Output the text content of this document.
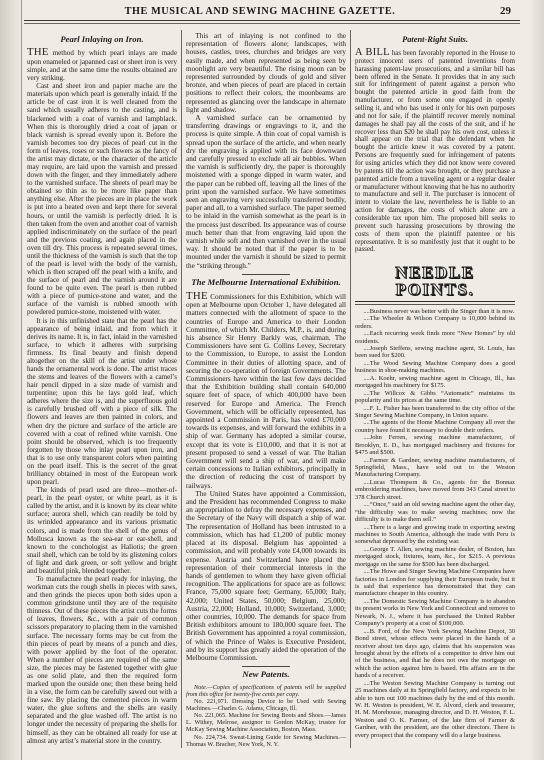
THE MUSICAL AND SEWING MACHINE GAZETTE.	29
Pearl Inlaying on Iron.

THE method by which pearl inlays are made upon enameled or japanned cast or sheet iron is very simple, and at the same time the results obtained are very striking.

Cast and sheet iron and papier mache are the materials upon which pearl is generally inlaid. If the article be of cast iron it is well cleaned from the sand which usually adheres to the casting, and is blackened with a coat of varnish and lampblack. When this is thoroughly dried a coat of japan or black varnish is spread evenly upon it. Before the varnish becomes too dry pieces of pearl cut in the form of leaves, roses or such flowers as the fancy of the artist may dictate, or the character of the article may require, are laid upon the varnish and pressed down with the finger, and they immediately adhere to the varnished surface. The sheets of pearl may be obtained so thin as to be more like paper than anything else. After the pieces are in place the work is put into a heated oven and kept there for several hours, or until the varnish is perfectly dried. It is then taken from the oven and another coat of varnish applied indiscriminately on the surface of the pearl and the previous coating, and again placed in the oven till dry. This process is repeated several times, until the thickness of the varnish is such that the top of the pearl is level with the body of the varnish, which is then scraped off the pearl with a knife, and the surface of pearl and the varnish around it are found to be quite even. The pearl is then rubbed with a piece of pumice-stone and water, and the surface of the varnish is rubbed smooth with powdered pumice-stone, moistened with water.

It is in this unfinished state that the pearl has the appearance of being inlaid, and from which it derives its name. It is, in fact, inlaid in the varnished surface, to which it adheres with surprising firmness. Its final beauty and finish depend altogether on the skill of the artist under whose hands the ornamental work is done. The artist traces the stems and leaves of the flowers with a camel’s hair pencil dipped in a size made of varnish and turpentine; upon this he lays gold leaf, which adheres where the size is, and the superfluous gold is carefully brushed off with a piece of silk. The flowers and leaves are then painted in colors, and when dry the picture and surface of the article are covered with a coat of refined white varnish. One point should be observed, which is too frequently forgotten by those who inlay pearl upon iron, and that is to use only transparent colors when painting on the pearl itself. This is the secret of the great brilliancy obtained in most of the European work upon pearl.

The kinds of pearl used are three—mother-of-pearl, in the pearl oyster, or white pearl, as it is called by the artist, and it is known by its clear white surface; aurora shell, which can readily be told by its wrinkled appearance and its various prismatic colors, and is made from the shell of the genus of Mollusca known as the sea-ear or ear-shell, and known to the conchologist as Haliotis; the green snail shell, which can be told by its glistening colors of light and dark green, or soft yellow and bright and beautiful pink, blended together.

To manufacture the pearl ready for inlaying, the workman cuts the rough shells in pieces with saws, and then grinds the pieces upon both sides upon a common grindstone until they are of the requisite thinness. Out of these pieces the artist cuts the forms of leaves, flowers, &c., with a pair of common scissors preparatory to placing them in the varnished surface. The necessary forms may be cut from the thin pieces of pearl by means of a punch and dies, with power applied by the foot of the operator. When a number of pieces are required of the same size, the pieces may be fastened together with glue as one solid plate, and then the required form marked upon the outside one; then these being held in a vise, the form can be carefully sawed out with a fine saw. By placing the cemented pieces in warm water, the glue softens and the shells are easily separated and the glue washed off. The artist is no longer under the necessity of preparing the shells for himself, as they can be obtained all ready for use at almost any artist’s material store in the country.

This art of inlaying is not confined to the representation of flowers alone; landscapes, with houses, castles, trees, churches and bridges are very easily made, and when represented as being seen by moonlight are very beautiful. The rising moon can be represented surrounded by clouds of gold and silver bronze, and when pieces of pearl are placed in certain positions to reflect their colors, the moonbeams are represented as glancing over the landscape in alternate light and shadow.

A varnished surface can be ornamented by transferring drawings or engravings to it, and the process is quite simple. A thin coat of copal varnish is spread upon the surface of the article, and when nearly dry the engraving is applied with its face downward and carefully pressed to exclude all air bubbles. When the varnish is sufficiently dry, the paper is thoroughly moistened with a sponge dipped in warm water, and the paper can be rubbed off, leaving all the lines of the print upon the varnished surface. We have sometimes seen an engraving very successfully transferred bodily, paper and all, to a varnished surface. The paper seemed to be inlaid in the varnish somewhat as the pearl is in the process just described. Its appearance was of course much better than that from engraving laid upon the varnish while soft and then varnished over in the usual way. It should be noted that if the paper is to be mounted under the varnish it should be sized to permit the “striking through.”

The Melbourne International Exhibition.

THE Commissioners for this Exhibition, which will open at Melbourne upon October 1, have delegated all matters connected with the allotment of space to the countries of Europe and America to their London Committee, of which Mr. Childers, M.P., is, and during his absence Sir Henry Barkly was, chairman. The Commissioners have sent G. Collins Levey, Secretary to the Commission, to Europe, to assist the London Committee in their duties of allotting space, and of securing the co-operation of foreign Governments. The Commissioners have within the last few days decided that the Exhibition building shall contain 640,000 square feet of space, of which 400,000 have been reserved for Europe and America. The French Government, which will be officially represented, has appointed a Commission in Paris, has voted £70,000 towards its expenses, and will forward the exhibits in a ship of war. Germany has adopted a similar course, except that its vote is £10,000, and that it is not at present proposed to send a vessel of war. The Italian Government will send a ship of war, and will make certain concessions to Italian exhibitors, principally in the direction of reducing the cost of transport by railways.

The United States have appointed a Commission, and the President has recommended Congress to make an appropriation to defray the necessary expenses, and the Secretary of the Navy will dispatch a ship of war. The representation of Holland has been intrusted to a commission, which has had £1,200 of public money placed at its disposal. Belgium has appointed a commission, and will probably vote £4,000 towards its expense. Austria and Switzerland have placed the representation of their commercial interests in the hands of gentlemen to whom they have given official recognition. The applications for space are as follows: France, 75,000 square feet; Germany, 65,000; Italy, 42,000; United States, 50,000; Belgium, 25,000; Austria, 22,000; Holland, 10,000; Switzerland, 3,000; other countries, 10,000. The demands for space from British exhibitors amount to 180,000 square feet. The British Government has appointed a royal commission, of which the Prince of Wales is Executive President, and by its support has greatly aided the operation of the Melbourne Commission.

New Patents.

Note.—Copies of specifications of patents will be supplied from this office for twenty-five cents per copy.

No. 221,971. Dressing Device to be Used with Sewing Machines.—Charles G. Adams, Chicago, Ill.

No. 221,065. Machine for Sewing Boots and Shoes.—James L. Withey, Melrose, assignor to Gordon McKay, trustee for McKay Sewing Machine Association, Boston, Mass.

No. 224,734. Sweat-Lining Guide for Sewing Machines.—Thomas W. Bracher, New York, N. Y.

Patent-Right Suits.

A BILL has been favorably reported in the House to protect innocent users of patented inventions from harassing patent-law prosecutions, and a similar bill has been offered in the Senate. It provides that in any such suit for infringement of patent against a person who bought the patented article in good faith from the manufacturer, or from some one engaged in openly selling it, and who has used it only for his own purposes and not for sale, if the plaintiff recover merely nominal damages he shall pay all the costs of the suit, and if he recover less than $20 he shall pay his own cost, unless it shall appear on the trial that the defendant when he bought the article knew it was covered by a patent. Persons are frequently sued for infringement of patents for using articles which they did not know were covered by patents till the action was brought, or they purchase a patented article from a traveling agent or a regular dealer or manufacturer without knowing that he has no authority to manufacture and sell it. The purchaser is innocent of intent to violate the law, nevertheless he is liable to an action for damages, the costs of which alone are a considerable tax upon him. The proposed bill seeks to prevent such harassing prosecutions by throwing the costs of them upon the plaintiff patentee or his representative. It is so manifestly just that it ought to be passed.

NEEDLE POINTS.

....Business never was better with the Singer than it is now.

....The Wheeler & Wilson Company is 10,000 behind its orders.

....Each recurring week finds more “New Homes” by old residents.

....Joseph Steffens, sewing machine agent, St. Louis, has been sued for $200.

....The Wood Sewing Machine Company does a good business in shoe-making machines.

....A. Koehr, sewing machine agent in Chicago, Ill., has mortgaged his machinery for $175.

....The Willcox & Gibbs “Automatic” maintains its popularity and its prices at the same time.

....F. L. Fisher has been transferred to the city office of the Singer Sewing Machine Company, in Union square.

....The agents of the Home Machine Company all over the country have found it necessary to double their orders.

....John Ferren, sewing machine manufacturer, of Brooklyn, E. D., has mortgaged machinery and fixtures for $475 and $500.

....Farmer & Gardner, sewing machine manufacturers, of Springfield, Mass., have sold out to the Weston Manufacturing Company.

....Lucas Thompson & Co., agents for the Bonnaz embroidering machines, have moved from 343 Canal street to 378 Church street.

....“Once,” said an old sewing machine agent the other day, “the difficulty was to make sewing machines; now the difficulty is to make them sell.”

....There is a large and growing trade in exporting sewing machines to South America, although the trade with Peru is somewhat depressed by the existing war.

....George T. Allen, sewing machine dealer, of Boston, has mortgaged stock, fixtures, team, &c., for $215. A previous mortgage on the same for $500 has been discharged.

....The Howe and Singer Sewing Machine Companies have factories in London for supplying their European trade, but it is said that experience has demonstrated that they can manufacture cheaper in this country.

....The Domestic Sewing Machine Company is to abandon its present works in New York and Connecticut and remove to Newark, N. J., where it has purchased the United Rubber Company’s property at a cost of $100,000.

....B. Ford, of the New York Sewing Machine Depot, 30 Bond street, whose effects were placed in the hands of a receiver about ten days ago, claims that his suspension was brought about by the efforts of a competitor to drive him out of the business, and that he does not owe the mortgage on which the action against him is based. His affairs are in the hands of a receiver.

....The Weston Sewing Machine Company is turning out 25 machines daily at its Springfield factory, and expects to be able to turn out 100 machines daily by the end of this month. W. H. Weston is president, W. E. Alvord, clerk and treasurer, H. M. Morehouse, managing director, and D. H. Weston, F. L. Weston and O. K. Farmer, of the late firm of Farmer & Gardner, with the president, are the other directors. There is every prospect that the company will do a large business.
